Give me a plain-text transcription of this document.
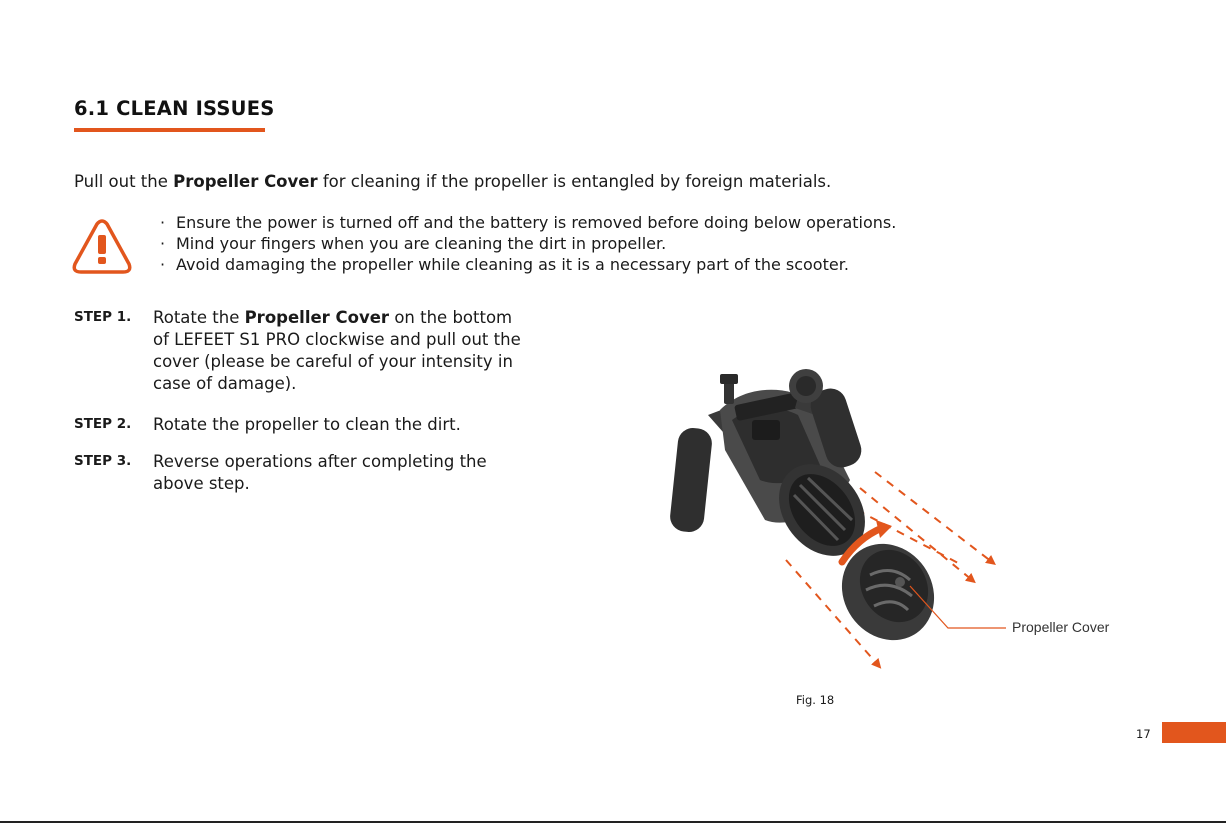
6.1 CLEAN ISSUES
Pull out the Propeller Cover for cleaning if the propeller is entangled by foreign materials.
· Ensure the power is turned off and the battery is removed before doing below operations.
· Mind your fingers when you are cleaning the dirt in propeller.
· Avoid damaging the propeller while cleaning as it is a necessary part of the scooter.
STEP 1. Rotate the Propeller Cover on the bottom of LEFEET S1 PRO clockwise and pull out the cover (please be careful of your intensity in case of damage).
STEP 2. Rotate the propeller to clean the dirt.
STEP 3. Reverse operations after completing the above step.
Propeller Cover
Fig. 18
17
